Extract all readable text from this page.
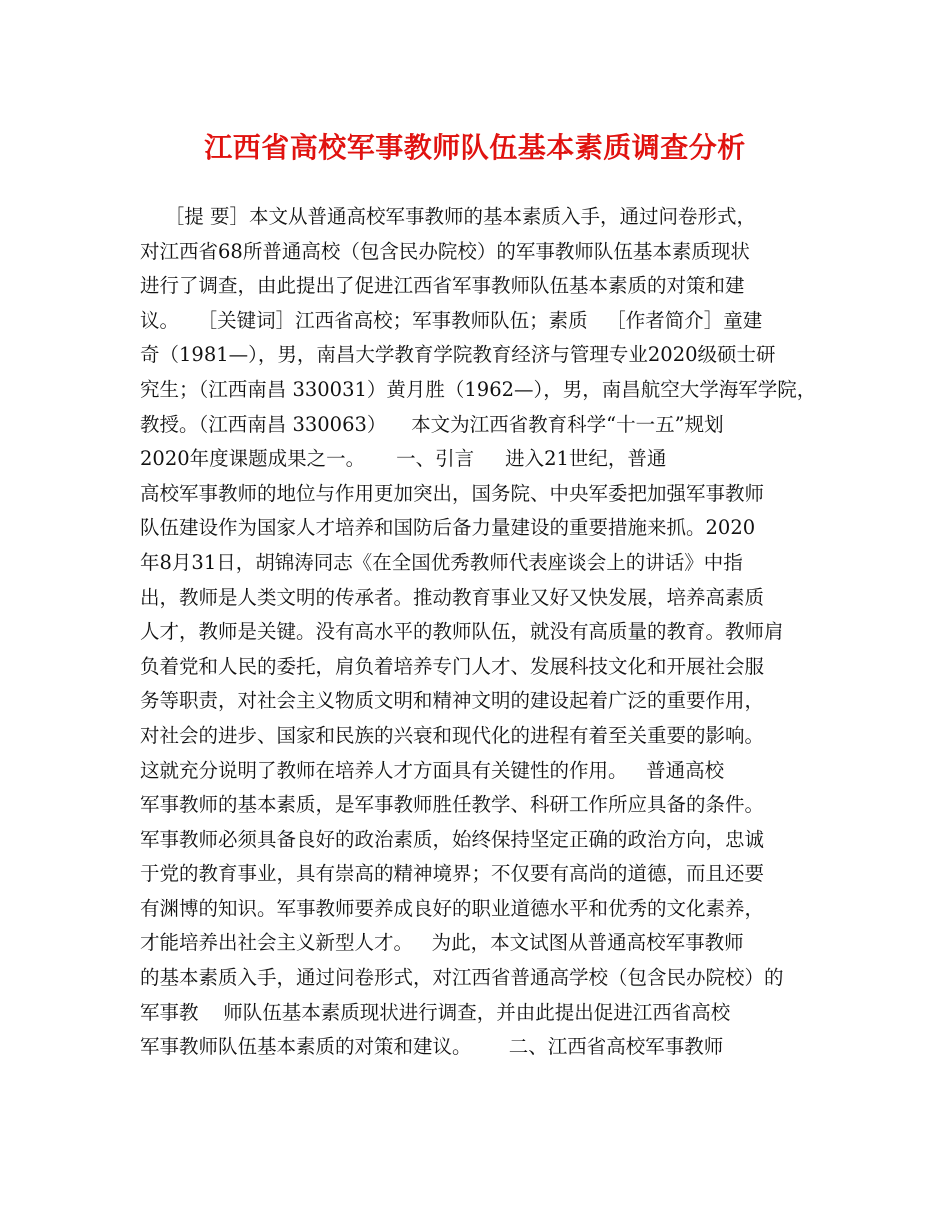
江西省高校军事教师队伍基本素质调查分析

［提 要］本文从普通高校军事教师的基本素质入手，通过问卷形式，

对江西省68所普通高校（包含民办院校）的军事教师队伍基本素质现状

进行了调查，由此提出了促进江西省军事教师队伍基本素质的对策和建

议。   ［关键词］江西省高校；军事教师队伍；素质   ［作者简介］童建

奇（1981—），男，南昌大学教育学院教育经济与管理专业2020级硕士研

究生；（江西南昌 330031）黄月胜（1962—），男，南昌航空大学海军学院，

教授。（江西南昌 330063）    本文为江西省教育科学“十一五”规划

2020年度课题成果之一。     一、引言     进入21世纪，普通

高校军事教师的地位与作用更加突出，国务院、中央军委把加强军事教师

队伍建设作为国家人才培养和国防后备力量建设的重要措施来抓。2020

年8月31日，胡锦涛同志《在全国优秀教师代表座谈会上的讲话》中指

出，教师是人类文明的传承者。推动教育事业又好又快发展，培养高素质

人才，教师是关键。没有高水平的教师队伍，就没有高质量的教育。教师肩

负着党和人民的委托，肩负着培养专门人才、发展科技文化和开展社会服

务等职责，对社会主义物质文明和精神文明的建设起着广泛的重要作用，

对社会的进步、国家和民族的兴衰和现代化的进程有着至关重要的影响。

这就充分说明了教师在培养人才方面具有关键性的作用。   普通高校

军事教师的基本素质，是军事教师胜任教学、科研工作所应具备的条件。

军事教师必须具备良好的政治素质，始终保持坚定正确的政治方向，忠诚

于党的教育事业，具有崇高的精神境界；不仅要有高尚的道德，而且还要

有渊博的知识。军事教师要养成良好的职业道德水平和优秀的文化素养，

才能培养出社会主义新型人才。   为此，本文试图从普通高校军事教师

的基本素质入手，通过问卷形式，对江西省普通高学校（包含民办院校）的

军事教    师队伍基本素质现状进行调查，并由此提出促进江西省高校

军事教师队伍基本素质的对策和建议。      二、江西省高校军事教师
